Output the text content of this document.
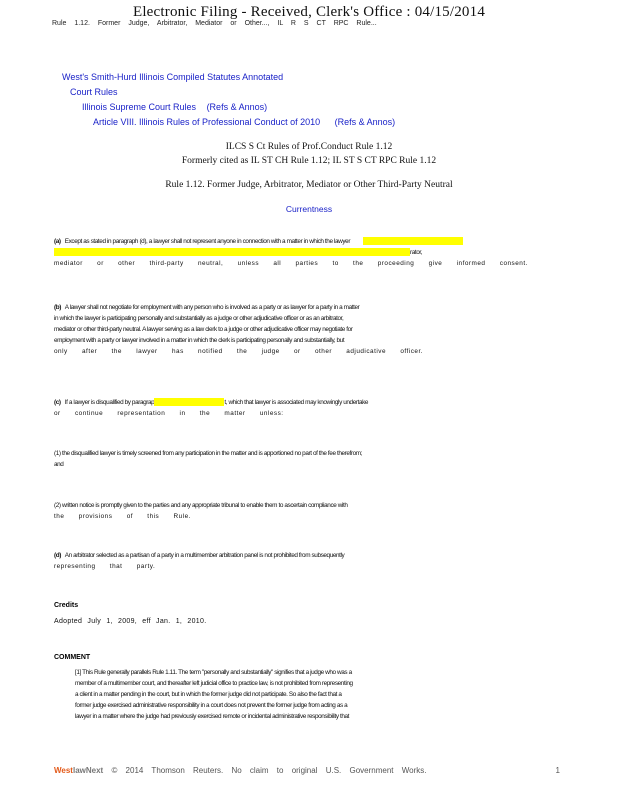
Electronic Filing - Received, Clerk's Office : 04/15/2014
Rule 1.12. Former Judge, Arbitrator, Mediator or Other..., IL R S CT RPC Rule...
West's Smith-Hurd Illinois Compiled Statutes Annotated
Court Rules
Illinois Supreme Court Rules (Refs & Annos)
Article VIII. Illinois Rules of Professional Conduct of 2010 (Refs & Annos)
ILCS S Ct Rules of Prof.Conduct Rule 1.12
Formerly cited as IL ST CH Rule 1.12; IL ST S CT RPC Rule 1.12
Rule 1.12. Former Judge, Arbitrator, Mediator or Other Third-Party Neutral
Currentness
(a) Except as stated in paragraph (d), a lawyer shall not represent anyone in connection with a matter in which the lawyer
rator,
mediator or other third-party neutral, unless all parties to the proceeding give informed consent.
(b) A lawyer shall not negotiate for employment with any person who is involved as a party or as lawyer for a party in a matter
in which the lawyer is participating personally and substantially as a judge or other adjudicative officer or as an arbitrator,
mediator or other third-party neutral. A lawyer serving as a law clerk to a judge or other adjudicative officer may negotiate for
employment with a party or lawyer involved in a matter in which the clerk is participating personally and substantially, but
only after the lawyer has notified the judge or other adjudicative officer.
(c) If a lawyer is disqualified by paragrap	t, which that lawyer is associated may knowingly undertake
or continue representation in the matter unless:
(1) the disqualified lawyer is timely screened from any participation in the matter and is apportioned no part of the fee therefrom;
and
(2) written notice is promptly given to the parties and any appropriate tribunal to enable them to ascertain compliance with
the provisions of this Rule.
(d) An arbitrator selected as a partisan of a party in a multimember arbitration panel is not prohibited from subsequently
representing that party.
Credits
Adopted July 1, 2009, eff Jan. 1, 2010.
COMMENT
[1] This Rule generally parallels Rule 1.11. The term "personally and substantially" signifies that a judge who was a
member of a multimember court, and thereafter left judicial office to practice law, is not prohibited from representing
a client in a matter pending in the court, but in which the former judge did not participate. So also the fact that a
former judge exercised administrative responsibility in a court does not prevent the former judge from acting as a
lawyer in a matter where the judge had previously exercised remote or incidental administrative responsibility that
WestlawNext © 2014 Thomson Reuters. No claim to original U.S. Government Works.	1
